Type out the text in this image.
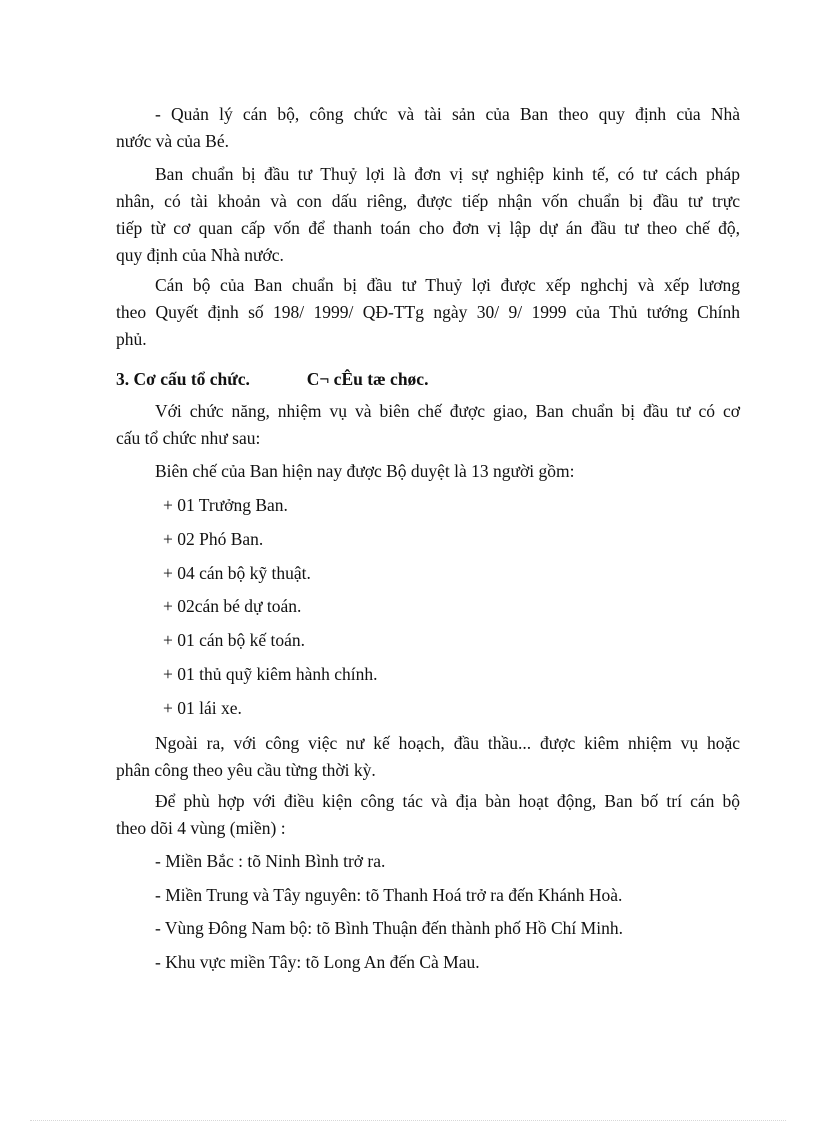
- Quản lý cán bộ, công chức và tài sản của Ban theo quy định của Nhà
nước và của Bé.
Ban chuẩn bị đầu tư Thuỷ lợi là đơn vị sự nghiệp kinh tế, có tư cách pháp
nhân, có tài khoản và con dấu riêng, được tiếp nhận vốn chuẩn bị đầu tư trực
tiếp từ cơ quan cấp vốn để thanh toán cho đơn vị lập dự án đầu tư theo chế độ,
quy định của Nhà nước.
Cán bộ của Ban chuẩn bị đầu tư Thuỷ lợi được xếp nghchj và xếp lương
theo Quyết định số 198/ 1999/ QĐ-TTg ngày 30/ 9/ 1999 của Thủ tướng Chính
phủ.
3. Cơ cấu tổ chức.	C¬ cÊu tæ chøc.
Với chức năng, nhiệm vụ và biên chế được giao, Ban chuẩn bị đầu tư có cơ
cấu tổ chức như sau:
Biên chế của Ban hiện nay được Bộ duyệt là 13 người gồm:
+ 01 Trưởng Ban.
+ 02 Phó Ban.
+ 04 cán bộ kỹ thuật.
+ 02cán bé dự toán.
+ 01 cán bộ kế toán.
+ 01 thủ quỹ kiêm hành chính.
+ 01 lái xe.
Ngoài ra, với công việc nư kế hoạch, đầu thầu... được kiêm nhiệm vụ hoặc
phân công theo yêu cầu từng thời kỳ.
Để phù hợp với điều kiện công tác và địa bàn hoạt động, Ban bố trí cán bộ
theo dõi 4 vùng (miền) :
- Miền Bắc : tõ Ninh Bình trở ra.
- Miền Trung và Tây nguyên: tõ Thanh Hoá trở ra đến Khánh Hoà.
- Vùng Đông Nam bộ: tõ Bình Thuận đến thành phố Hồ Chí Minh.
- Khu vực miền Tây: tõ Long An đến Cà Mau.
